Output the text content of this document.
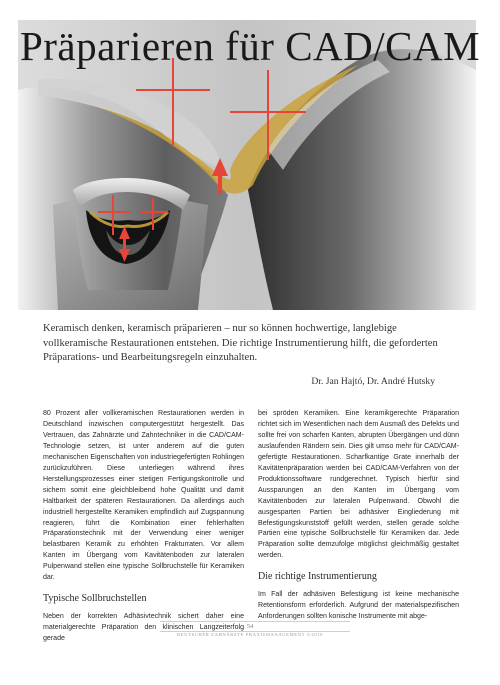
Präparieren für CAD/CAM

Keramisch denken, keramisch präparieren – nur so können hochwertige, langlebige vollkeramische Restaurationen entstehen. Die richtige Instrumentierung hilft, die geforderten Präparations- und Bearbeitungsregeln einzuhalten.

Dr. Jan Hajtó, Dr. André Hutsky

80 Prozent aller vollkeramischen Restaurationen werden in Deutschland inzwischen computergestützt hergestellt. Das Vertrauen, das Zahnärzte und Zahntechniker in die CAD/CAM-Technologie setzen, ist unter anderem auf die guten mechanischen Eigenschaften von industriegefertigten Rohlingen zurückzuführen. Diese unterliegen während ihres Herstellungsprozesses einer stetigen Fertigungskontrolle und sichern somit eine gleichbleibend hohe Qualität und damit Haltbarkeit der späteren Restaurationen. Da allerdings auch industriell hergestellte Keramiken empfindlich auf Zugspannung reagieren, führt die Kombination einer fehlerhaften Präparationstechnik mit der Verwendung einer weniger belastbaren Keramik zu erhöhten Frakturraten. Vor allem Kanten im Übergang vom Kavitätenboden zur lateralen Pulpenwand stellen eine typische Sollbruchstelle für Keramiken dar.

Typische Sollbruchstellen

Neben der korrekten Adhäsivtechnik sichert daher eine materialgerechte Präparation den klinischen Langzeiterfolg gerade

bei spröden Keramiken. Eine keramikgerechte Präparation richtet sich im Wesentlichen nach dem Ausmaß des Defekts und sollte frei von scharfen Kanten, abrupten Übergängen und dünn auslaufenden Rändern sein. Dies gilt umso mehr für CAD/CAM-gefertigte Restaurationen. Scharfkantige Grate innerhalb der Kavitätenpräparation werden bei CAD/CAM-Verfahren von der Produktionssoftware rundgerechnet. Typisch hierfür sind Aussparungen an den Kanten im Übergang vom Kavitätenboden zur lateralen Pulpenwand. Obwohl die ausgesparten Partien bei adhäsiver Eingliederung mit Befestigungskunststoff gefüllt werden, stellen gerade solche Partien eine typische Sollbruchstelle für Keramiken dar. Jede Präparation sollte demzufolge möglichst gleichmäßig gestaltet werden.

Die richtige Instrumentierung

Im Fall der adhäsiven Befestigung ist keine mechanische Retentionsform erforderlich. Aufgrund der materialspezifischen Anforderungen sollten konische Instrumente mit abge-

54
DEUTSCHER ZAHNÄRZTE PRAXISMANAGEMENT 3/2010
